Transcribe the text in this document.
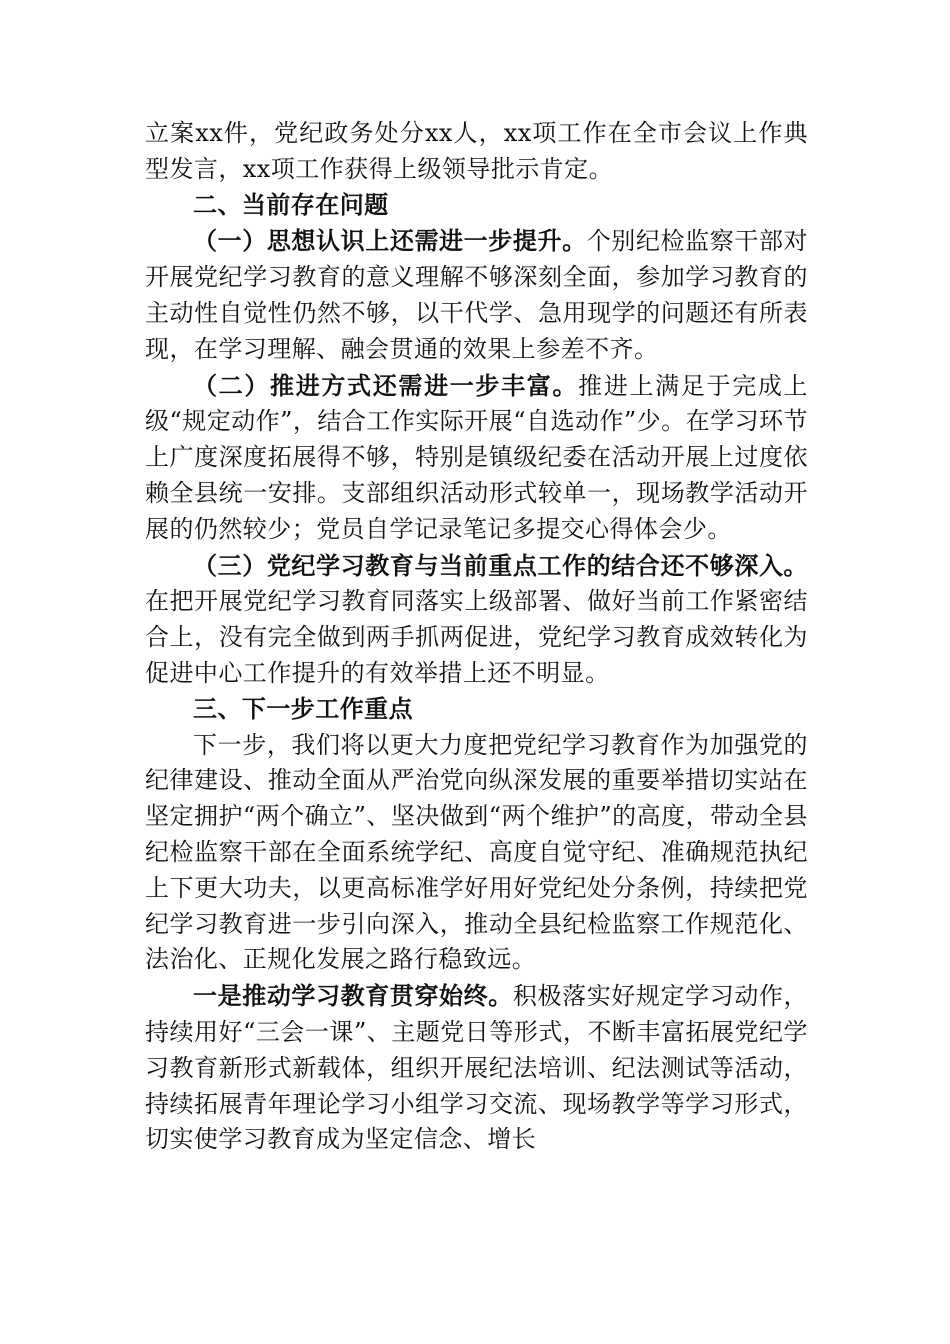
立案xx件，党纪政务处分xx人，xx项工作在全市会议上作典型发言，xx项工作获得上级领导批示肯定。

二、当前存在问题

（一）思想认识上还需进一步提升。个别纪检监察干部对开展党纪学习教育的意义理解不够深刻全面，参加学习教育的主动性自觉性仍然不够，以干代学、急用现学的问题还有所表现，在学习理解、融会贯通的效果上参差不齐。

（二）推进方式还需进一步丰富。推进上满足于完成上级“规定动作”，结合工作实际开展“自选动作”少。在学习环节上广度深度拓展得不够，特别是镇级纪委在活动开展上过度依赖全县统一安排。支部组织活动形式较单一，现场教学活动开展的仍然较少；党员自学记录笔记多提交心得体会少。

（三）党纪学习教育与当前重点工作的结合还不够深入。在把开展党纪学习教育同落实上级部署、做好当前工作紧密结合上，没有完全做到两手抓两促进，党纪学习教育成效转化为促进中心工作提升的有效举措上还不明显。

三、下一步工作重点

下一步，我们将以更大力度把党纪学习教育作为加强党的纪律建设、推动全面从严治党向纵深发展的重要举措切实站在坚定拥护“两个确立”、坚决做到“两个维护”的高度，带动全县纪检监察干部在全面系统学纪、高度自觉守纪、准确规范执纪上下更大功夫，以更高标准学好用好党纪处分条例，持续把党纪学习教育进一步引向深入，推动全县纪检监察工作规范化、法治化、正规化发展之路行稳致远。

一是推动学习教育贯穿始终。积极落实好规定学习动作，持续用好“三会一课”、主题党日等形式，不断丰富拓展党纪学习教育新形式新载体，组织开展纪法培训、纪法测试等活动，持续拓展青年理论学习小组学习交流、现场教学等学习形式，切实使学习教育成为坚定信念、增长
